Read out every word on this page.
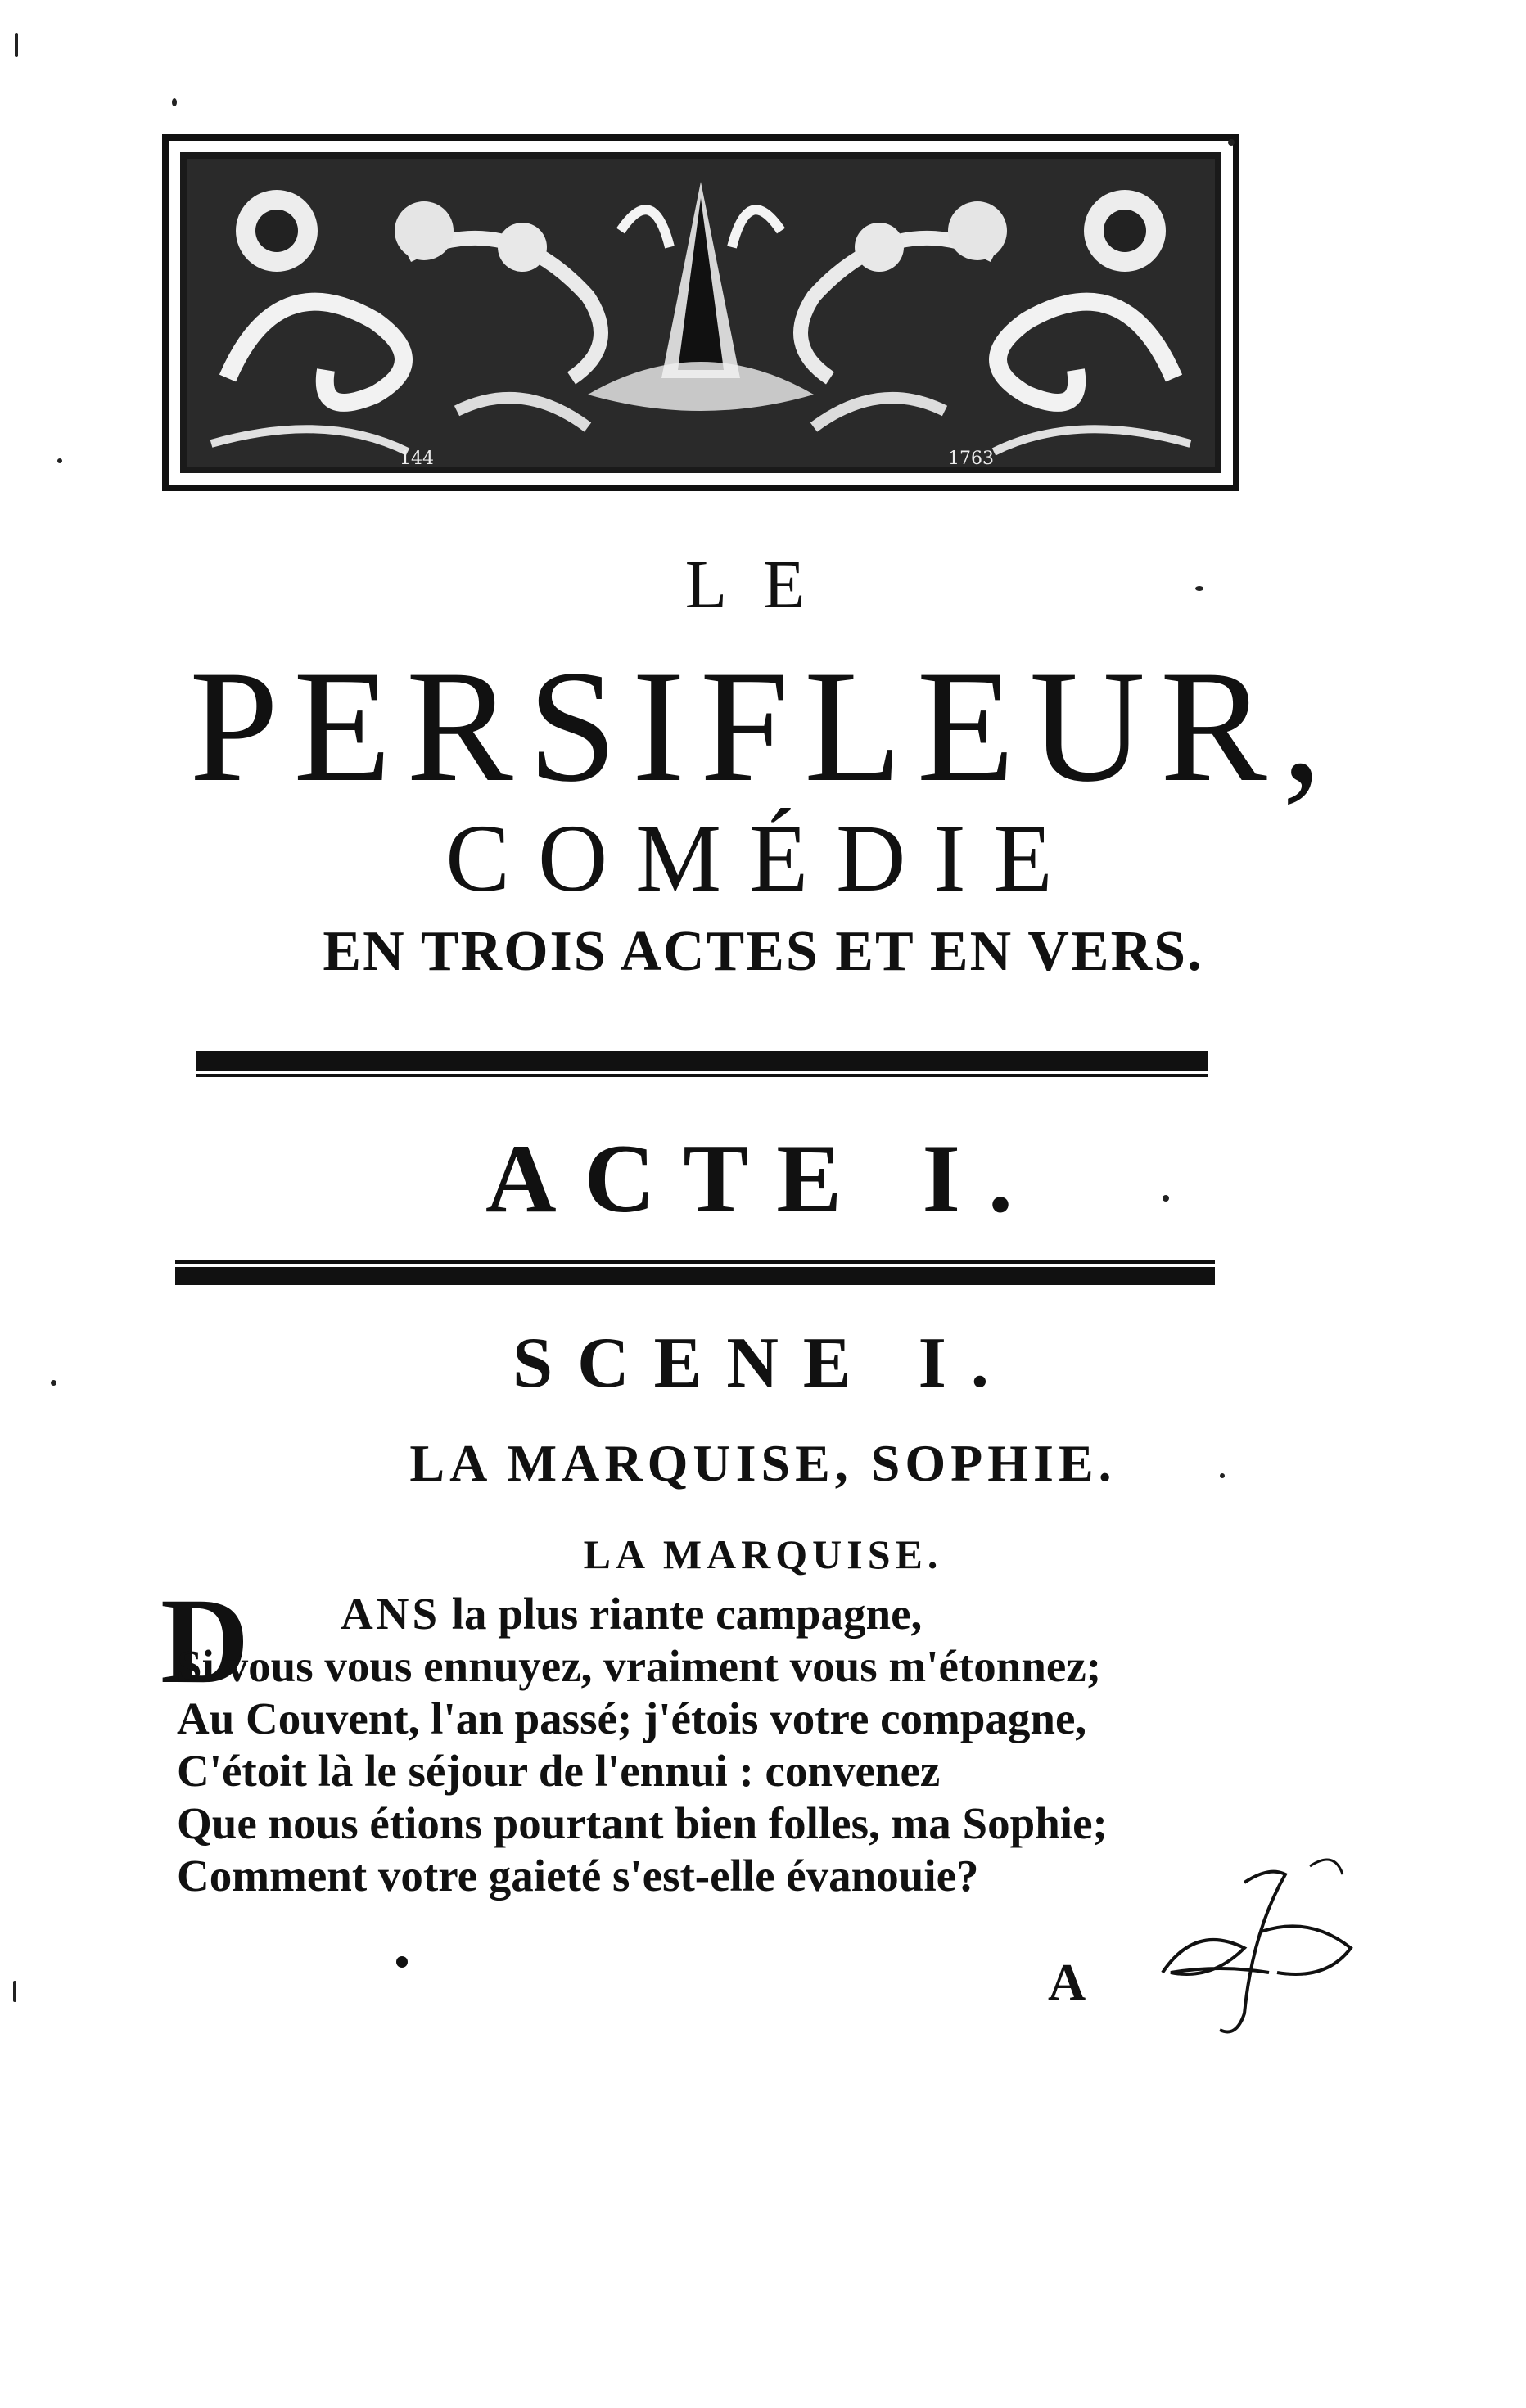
144	1763
LE
PERSIFLEUR,
COMÉDIE
EN TROIS ACTES ET EN VERS.
ACTE I.
SCENE I.
LA MARQUISE, SOPHIE.
LA MARQUISE.
D	ANS la plus riante campagne,
Si vous vous ennuyez, vraiment vous m'étonnez;
Au Couvent, l'an passé; j'étois votre compagne,
C'étoit là le séjour de l'ennui : convenez
Que nous étions pourtant bien folles, ma Sophie;
Comment votre gaieté s'est-elle évanouie?
A
